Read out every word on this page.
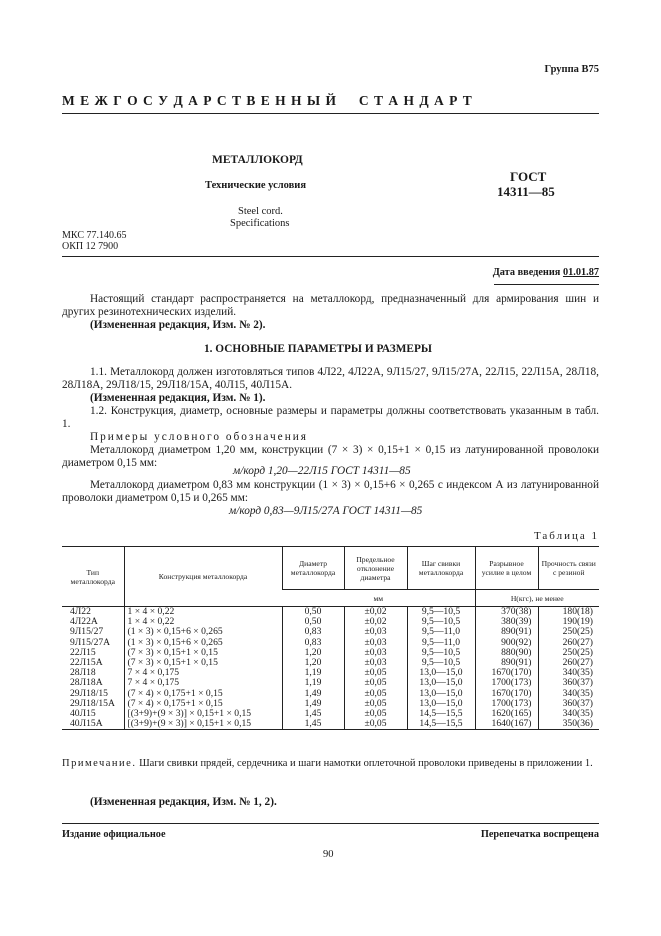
Группа В75
М Е Ж Г О С У Д А Р С Т В Е Н Н Ы Й     С Т А Н Д А Р Т
МЕТАЛЛОКОРД
Технические условия
Steel cord.
Specifications
ГОСТ
14311—85
МКС 77.140.65
ОКП 12 7900
Дата введения 01.01.87
Настоящий стандарт распространяется на металлокорд, предназначенный для армирования шин и других резинотехнических изделий.
(Измененная редакция, Изм. № 2).
1. ОСНОВНЫЕ ПАРАМЕТРЫ И РАЗМЕРЫ
1.1. Металлокорд должен изготовляться типов 4Л22, 4Л22А, 9Л15/27, 9Л15/27А, 22Л15, 22Л15А, 28Л18, 28Л18А, 29Л18/15, 29Л18/15А, 40Л15, 40Л15А.
(Измененная редакция, Изм. № 1).
1.2. Конструкция, диаметр, основные размеры и параметры должны соответствовать указанным в табл. 1.
Примеры условного обозначения
Металлокорд диаметром 1,20 мм, конструкции (7 × 3) × 0,15+1 × 0,15 из латунированной проволоки диаметром 0,15 мм:
м/корд 1,20—22Л15 ГОСТ 14311—85
Металлокорд диаметром 0,83 мм конструкции (1 × 3) × 0,15+6 × 0,265 с индексом А из латунированной проволоки диаметром 0,15 и 0,265 мм:
м/корд 0,83—9Л15/27А ГОСТ 14311—85
Таблица 1
Тип металлокорда	Конструкция металлокорда	Диаметр металлокорда	Предельное отклонение диаметра	Шаг свивки металлокорда	Разрывное усилие в целом	Прочность связи с резиной
		мм			Н(кгс), не менее	
4Л22	1 × 4 × 0,22	0,50	±0,02	9,5—10,5	370(38)	180(18)
4Л22А	1 × 4 × 0,22	0,50	±0,02	9,5—10,5	380(39)	190(19)
9Л15/27	(1 × 3) × 0,15+6 × 0,265	0,83	±0,03	9,5—11,0	890(91)	250(25)
9Л15/27А	(1 × 3) × 0,15+6 × 0,265	0,83	±0,03	9,5—11,0	900(92)	260(27)
22Л15	(7 × 3) × 0,15+1 × 0,15	1,20	±0,03	9,5—10,5	880(90)	250(25)
22Л15А	(7 × 3) × 0,15+1 × 0,15	1,20	±0,03	9,5—10,5	890(91)	260(27)
28Л18	7 × 4 × 0,175	1,19	±0,05	13,0—15,0	1670(170)	340(35)
28Л18А	7 × 4 × 0,175	1,19	±0,05	13,0—15,0	1700(173)	360(37)
29Л18/15	(7 × 4) × 0,175+1 × 0,15	1,49	±0,05	13,0—15,0	1670(170)	340(35)
29Л18/15А	(7 × 4) × 0,175+1 × 0,15	1,49	±0,05	13,0—15,0	1700(173)	360(37)
40Л15	[(3+9)+(9 × 3)] × 0,15+1 × 0,15	1,45	±0,05	14,5—15,5	1620(165)	340(35)
40Л15А	[(3+9)+(9 × 3)] × 0,15+1 × 0,15	1,45	±0,05	14,5—15,5	1640(167)	350(36)
Примечание. Шаги свивки прядей, сердечника и шаги намотки оплеточной проволоки приведены в приложении 1.
(Измененная редакция, Изм. № 1, 2).
Издание официальное	Перепечатка воспрещена
90
